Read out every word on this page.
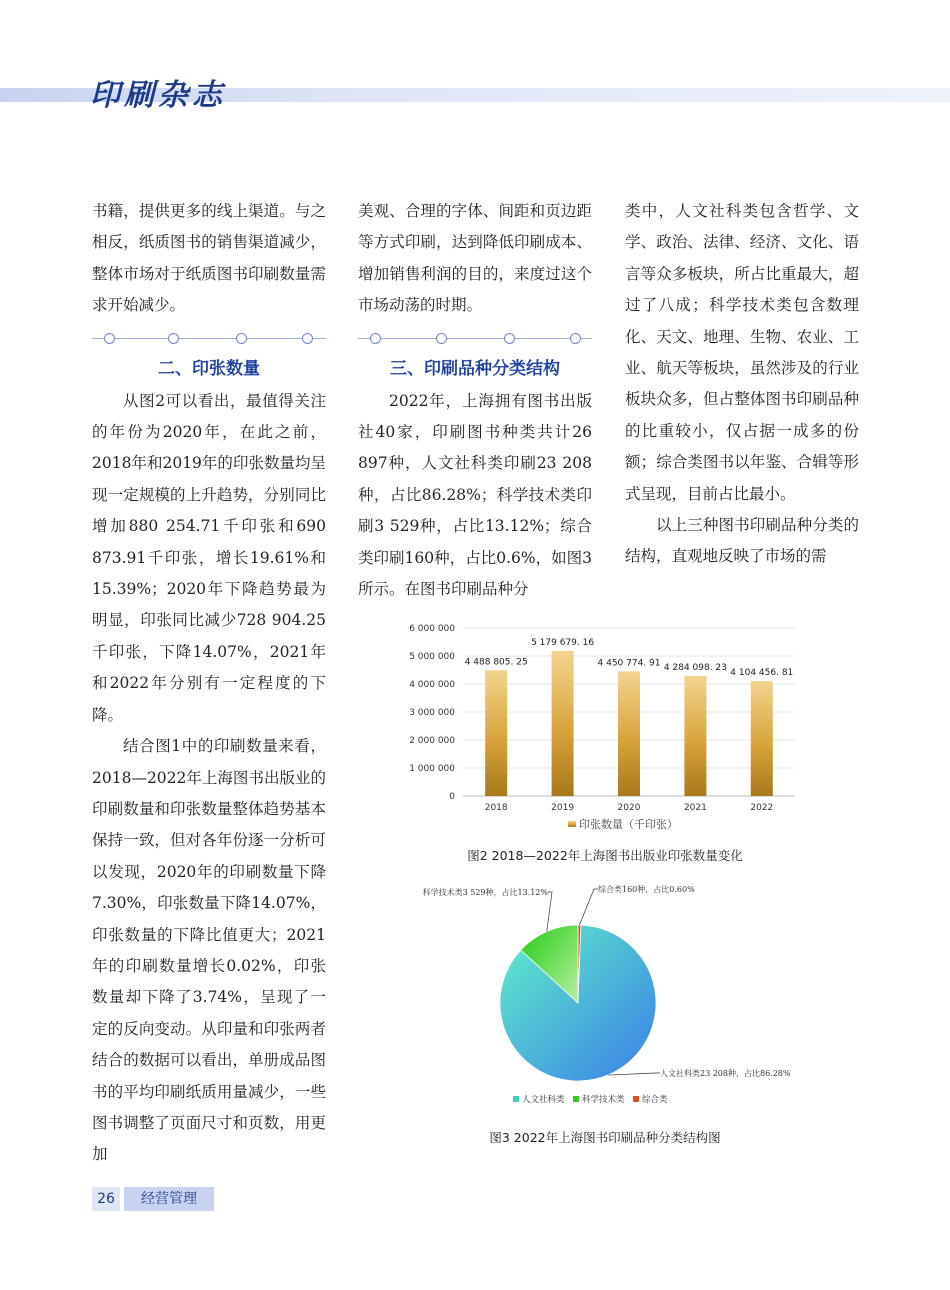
印刷杂志

书籍，提供更多的线上渠道。与之相反，纸质图书的销售渠道减少，整体市场对于纸质图书印刷数量需求开始减少。

二、印张数量

从图2可以看出，最值得关注的年份为2020年，在此之前，2018年和2019年的印张数量均呈现一定规模的上升趋势，分别同比增加880 254.71千印张和690 873.91千印张，增长19.61%和15.39%；2020年下降趋势最为明显，印张同比减少728 904.25千印张，下降14.07%，2021年和2022年分别有一定程度的下降。

结合图1中的印刷数量来看，2018—2022年上海图书出版业的印刷数量和印张数量整体趋势基本保持一致，但对各年份逐一分析可以发现，2020年的印刷数量下降7.30%，印张数量下降14.07%，印张数量的下降比值更大；2021年的印刷数量增长0.02%，印张数量却下降了3.74%，呈现了一定的反向变动。从印量和印张两者结合的数据可以看出，单册成品图书的平均印刷纸质用量减少，一些图书调整了页面尺寸和页数，用更加

美观、合理的字体、间距和页边距等方式印刷，达到降低印刷成本、增加销售利润的目的，来度过这个市场动荡的时期。

三、印刷品种分类结构

2022年，上海拥有图书出版社40家，印刷图书种类共计26 897种，人文社科类印刷23 208种，占比86.28%；科学技术类印刷3 529种，占比13.12%；综合类印刷160种，占比0.6%，如图3所示。在图书印刷品种分

类中，人文社科类包含哲学、文学、政治、法律、经济、文化、语言等众多板块，所占比重最大，超过了八成；科学技术类包含数理化、天文、地理、生物、农业、工业、航天等板块，虽然涉及的行业板块众多，但占整体图书印刷品种的比重较小，仅占据一成多的份额；综合类图书以年鉴、合辑等形式呈现，目前占比最小。

以上三种图书印刷品种分类的结构，直观地反映了市场的需

0
1 000 000
2 000 000
3 000 000
4 000 000
5 000 000
6 000 000
4 488 805. 25
5 179 679. 16
4 450 774. 91 4 284 098. 23
4 104 456. 81
2018	2019	2020	2021	2022
印张数量（千印张）
图2 2018—2022年上海图书出版业印张数量变化
人文社科类23 208种，占比86.28%
科学技术类3 529种，占比13.12%	综合类160种，占比0.60%
人文社科类 科学技术类 综合类
图3 2022年上海图书印刷品种分类结构图
26	经营管理
